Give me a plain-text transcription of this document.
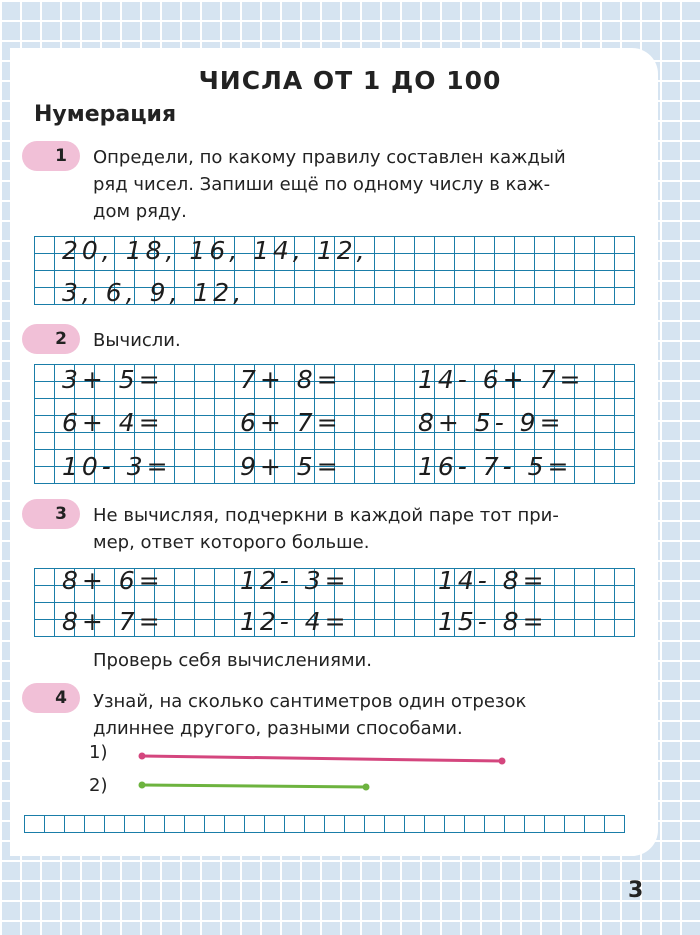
ЧИСЛА ОТ 1 ДО 100
Нумерация
1 Определи, по какому правилу составлен каждый
ряд чисел. Запиши ещё по одному числу в каж-
дом ряду.
20, 18, 16, 14, 12,
3, 6, 9, 12,
2 Вычисли.
3+ 5=	7+ 8=	14- 6+ 7=
6+ 4=	6+ 7=	8+ 5- 9=
10- 3=	9+ 5=	16- 7- 5=
3 Не вычисляя, подчеркни в каждой паре тот при-
мер, ответ которого больше.
8+ 6=	12- 3=	14- 8=
8+ 7=	12- 4=	15- 8=
Проверь себя вычислениями.
4 Узнай, на сколько сантиметров один отрезок
длиннее другого, разными способами.
1)
2)
3
